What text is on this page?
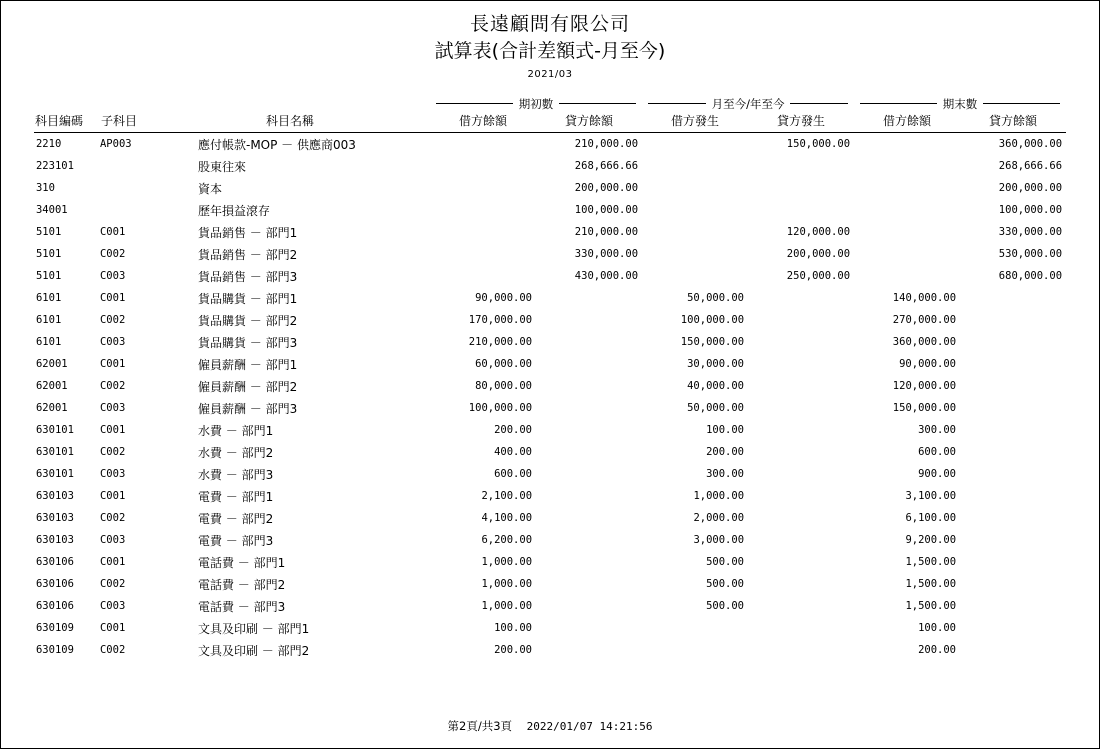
長遠顧問有限公司
試算表(合計差額式-月至今)
2021/03

期初數		月至今/年至今		期末數	

科目編碼	子科目	科目名稱	借方餘額	貸方餘額	借方發生	貸方發生	借方餘額	貸方餘額

2210	AP003	應付帳款-MOP － 供應商003		210,000.00		150,000.00		360,000.00
223101		股東往來		268,666.66				268,666.66
310		資本		200,000.00				200,000.00
34001		歷年損益滾存		100,000.00				100,000.00
5101	C001	貨品銷售 － 部門1		210,000.00		120,000.00		330,000.00
5101	C002	貨品銷售 － 部門2		330,000.00		200,000.00		530,000.00
5101	C003	貨品銷售 － 部門3		430,000.00		250,000.00		680,000.00
6101	C001	貨品購貨 － 部門1	90,000.00		50,000.00		140,000.00	
6101	C002	貨品購貨 － 部門2	170,000.00		100,000.00		270,000.00	
6101	C003	貨品購貨 － 部門3	210,000.00		150,000.00		360,000.00	
62001	C001	僱員薪酬 － 部門1	60,000.00		30,000.00		90,000.00	
62001	C002	僱員薪酬 － 部門2	80,000.00		40,000.00		120,000.00	
62001	C003	僱員薪酬 － 部門3	100,000.00		50,000.00		150,000.00	
630101	C001	水費 － 部門1	200.00		100.00		300.00	
630101	C002	水費 － 部門2	400.00		200.00		600.00	
630101	C003	水費 － 部門3	600.00		300.00		900.00	
630103	C001	電費 － 部門1	2,100.00		1,000.00		3,100.00	
630103	C002	電費 － 部門2	4,100.00		2,000.00		6,100.00	
630103	C003	電費 － 部門3	6,200.00		3,000.00		9,200.00	
630106	C001	電話費 － 部門1	1,000.00		500.00		1,500.00	
630106	C002	電話費 － 部門2	1,000.00		500.00		1,500.00	
630106	C003	電話費 － 部門3	1,000.00		500.00		1,500.00	
630109	C001	文具及印刷 － 部門1	100.00				100.00	
630109	C002	文具及印刷 － 部門2	200.00				200.00	
第2頁/共3頁 2022/01/07 14:21:56
